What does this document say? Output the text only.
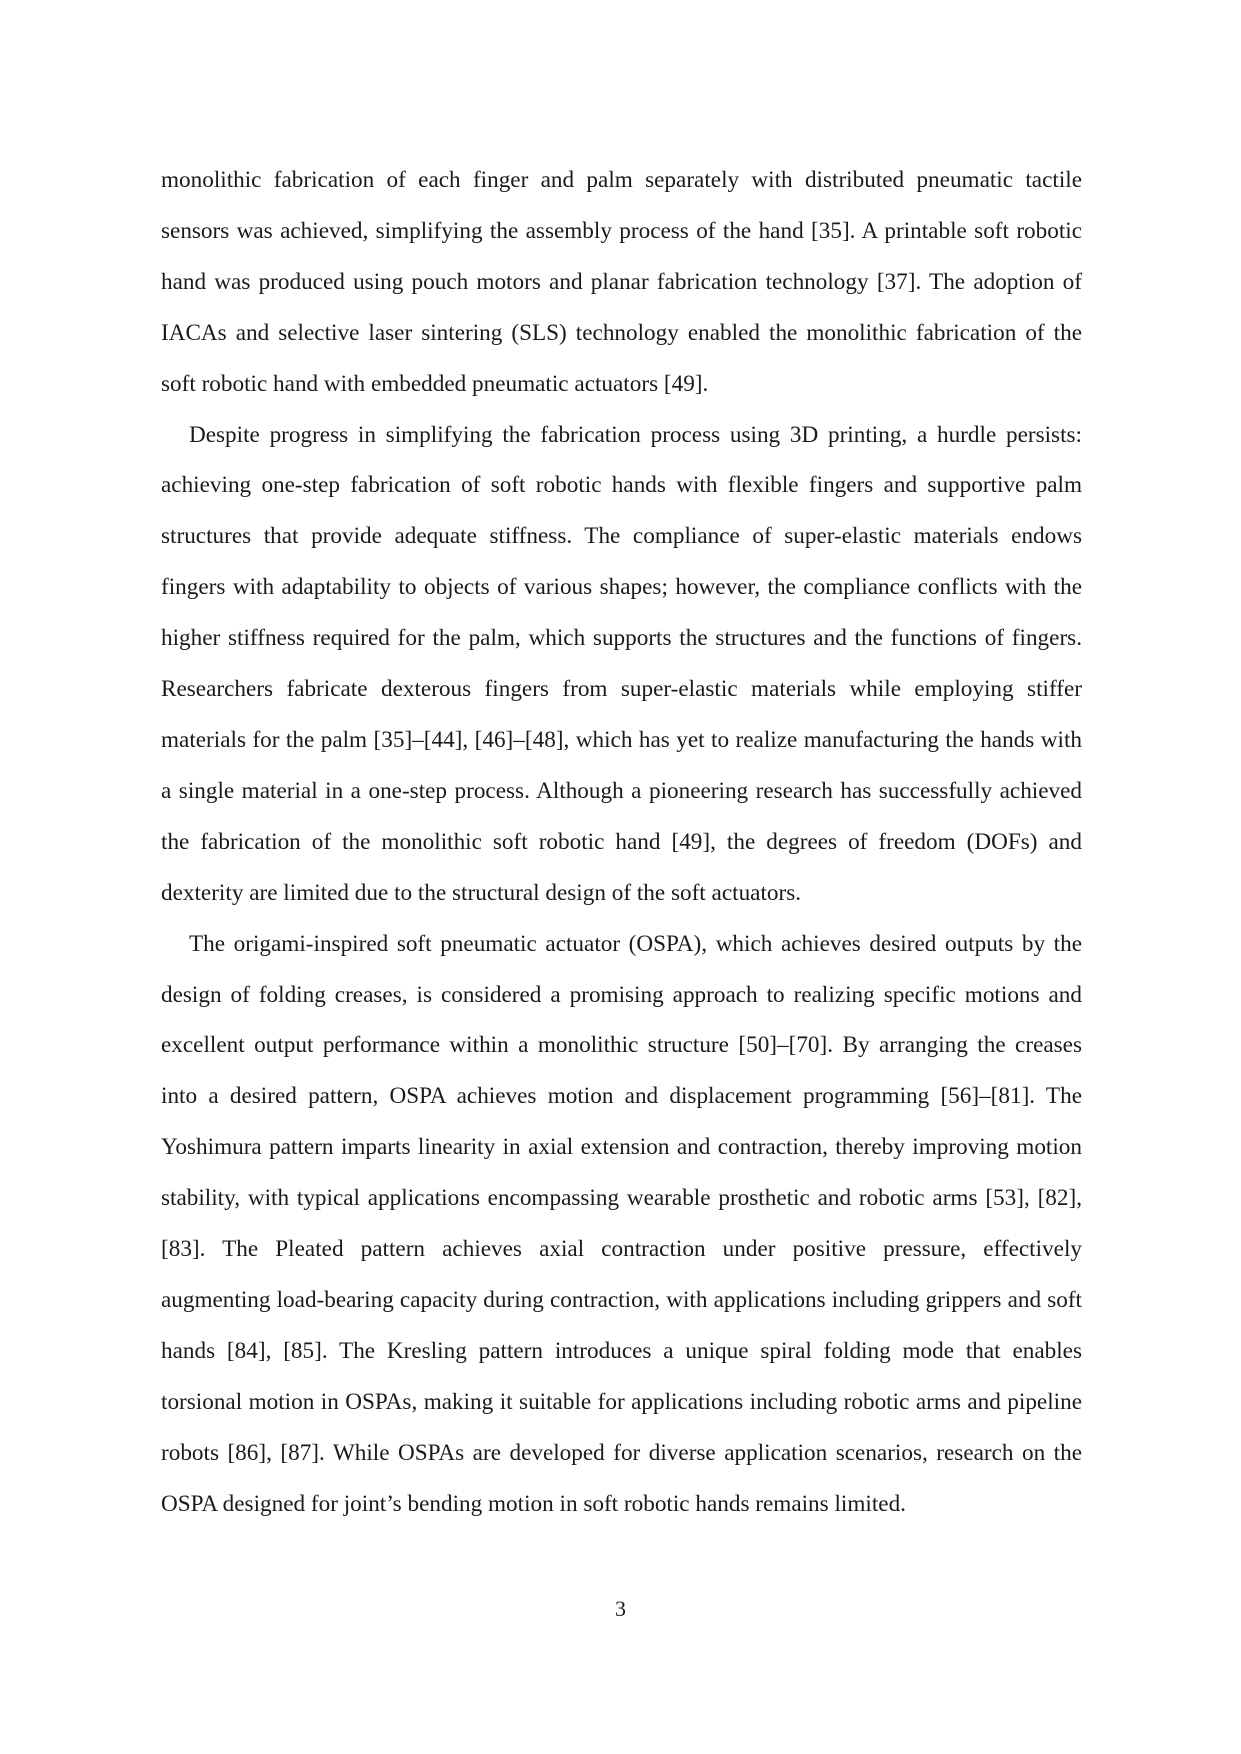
monolithic fabrication of each finger and palm separately with distributed pneumatic tactile sensors was achieved, simplifying the assembly process of the hand [35]. A printable soft robotic hand was produced using pouch motors and planar fabrication technology [37]. The adoption of IACAs and selective laser sintering (SLS) technology enabled the monolithic fabrication of the soft robotic hand with embedded pneumatic actuators [49].

Despite progress in simplifying the fabrication process using 3D printing, a hurdle persists: achieving one-step fabrication of soft robotic hands with flexible fingers and supportive palm structures that provide adequate stiffness. The compliance of super-elastic materials endows fingers with adaptability to objects of various shapes; however, the compliance conflicts with the higher stiffness required for the palm, which supports the structures and the functions of fingers. Researchers fabricate dexterous fingers from super-elastic materials while employing stiffer materials for the palm [35]–[44], [46]–[48], which has yet to realize manufacturing the hands with a single material in a one-step process. Although a pioneering research has successfully achieved the fabrication of the monolithic soft robotic hand [49], the degrees of freedom (DOFs) and dexterity are limited due to the structural design of the soft actuators.

The origami-inspired soft pneumatic actuator (OSPA), which achieves desired outputs by the design of folding creases, is considered a promising approach to realizing specific motions and excellent output performance within a monolithic structure [50]–[70]. By arranging the creases into a desired pattern, OSPA achieves motion and displacement programming [56]–[81]. The Yoshimura pattern imparts linearity in axial extension and contraction, thereby improving motion stability, with typical applications encompassing wearable prosthetic and robotic arms [53], [82], [83]. The Pleated pattern achieves axial contraction under positive pressure, effectively augmenting load-bearing capacity during contraction, with applications including grippers and soft hands [84], [85]. The Kresling pattern introduces a unique spiral folding mode that enables torsional motion in OSPAs, making it suitable for applications including robotic arms and pipeline robots [86], [87]. While OSPAs are developed for diverse application scenarios, research on the OSPA designed for joint’s bending motion in soft robotic hands remains limited.

3
